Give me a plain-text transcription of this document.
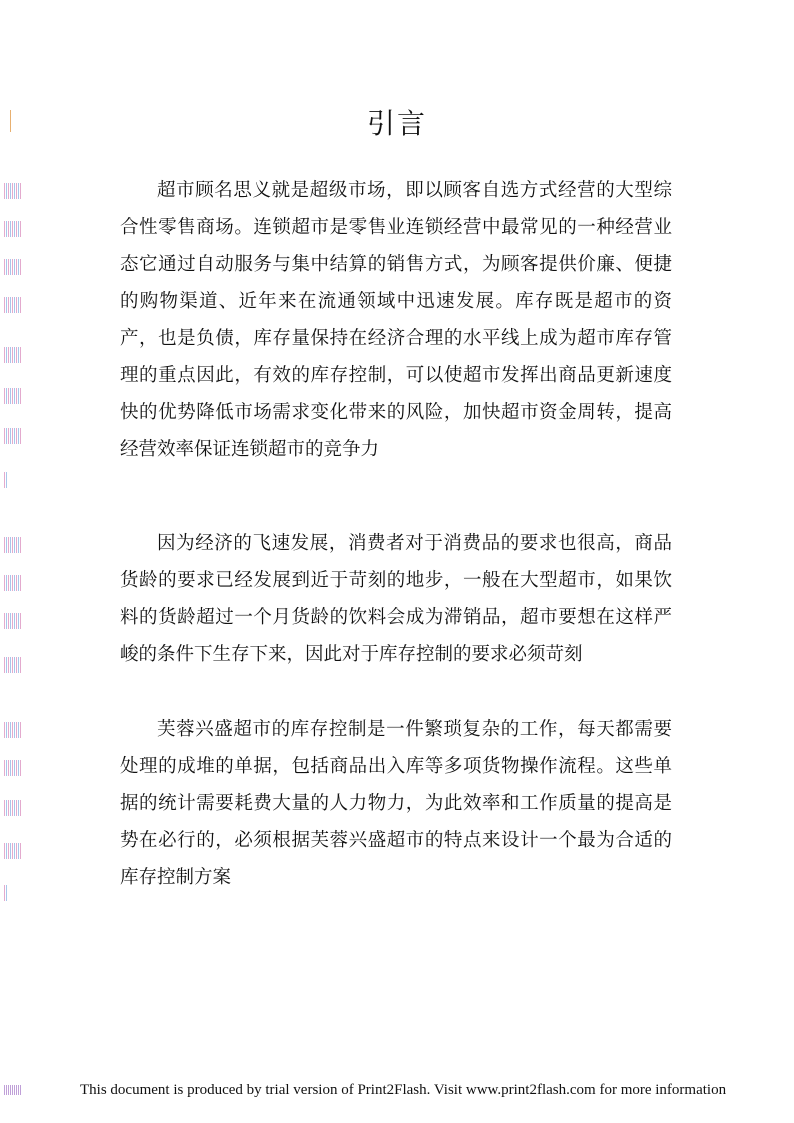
引言

超市顾名思义就是超级市场，即以顾客自选方式经营的大型综合性零售商场。连锁超市是零售业连锁经营中最常见的一种经营业态它通过自动服务与集中结算的销售方式，为顾客提供价廉、便捷的购物渠道、近年来在流通领域中迅速发展。库存既是超市的资产，也是负债，库存量保持在经济合理的水平线上成为超市库存管理的重点因此，有效的库存控制，可以使超市发挥出商品更新速度快的优势降低市场需求变化带来的风险，加快超市资金周转，提高经营效率保证连锁超市的竞争力

因为经济的飞速发展，消费者对于消费品的要求也很高，商品货龄的要求已经发展到近于苛刻的地步，一般在大型超市，如果饮料的货龄超过一个月货龄的饮料会成为滞销品，超市要想在这样严峻的条件下生存下来，因此对于库存控制的要求必须苛刻

芙蓉兴盛超市的库存控制是一件繁琐复杂的工作，每天都需要处理的成堆的单据，包括商品出入库等多项货物操作流程。这些单据的统计需要耗费大量的人力物力，为此效率和工作质量的提高是势在必行的，必须根据芙蓉兴盛超市的特点来设计一个最为合适的库存控制方案

This document is produced by trial version of Print2Flash. Visit www.print2flash.com for more information
